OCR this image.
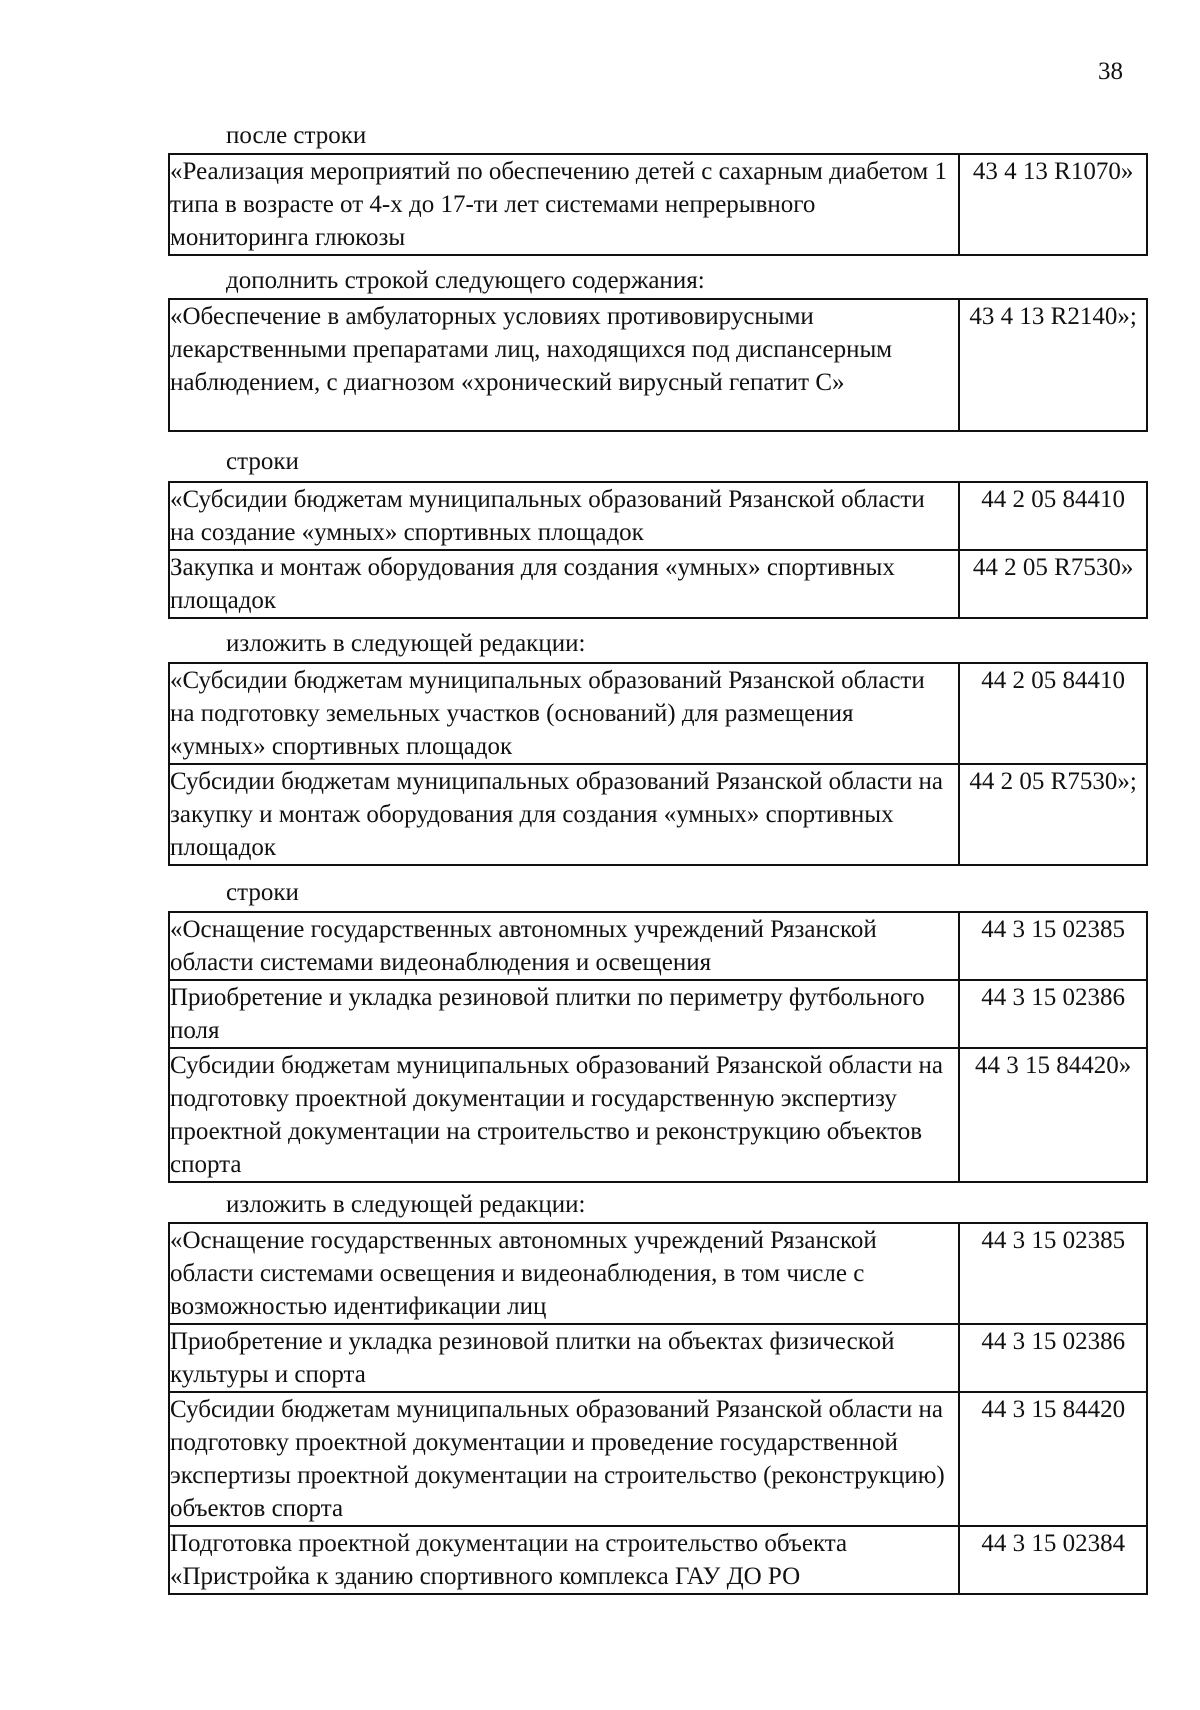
38
после строки
«Реализация мероприятий по обеспечению детей с сахарным диабетом 1 типа в возрасте от 4-х до 17-ти лет системами непрерывного мониторинга глюкозы	43 4 13 R1070»
дополнить строкой следующего содержания:
«Обеспечение в амбулаторных условиях противовирусными лекарственными препаратами лиц, находящихся под диспансерным наблюдением, с диагнозом «хронический вирусный гепатит С»	43 4 13 R2140»;
строки
«Субсидии бюджетам муниципальных образований Рязанской области на создание «умных» спортивных площадок	44 2 05 84410
Закупка и монтаж оборудования для создания «умных» спортивных площадок	44 2 05 R7530»
изложить в следующей редакции:
«Субсидии бюджетам муниципальных образований Рязанской области на подготовку земельных участков (оснований) для размещения «умных» спортивных площадок	44 2 05 84410
Субсидии бюджетам муниципальных образований Рязанской области на закупку и монтаж оборудования для создания «умных» спортивных площадок	44 2 05 R7530»;
строки
«Оснащение государственных автономных учреждений Рязанской области системами видеонаблюдения и освещения	44 3 15 02385
Приобретение и укладка резиновой плитки по периметру футбольного поля	44 3 15 02386
Субсидии бюджетам муниципальных образований Рязанской области на подготовку проектной документации и государственную экспертизу проектной документации на строительство и реконструкцию объектов спорта	44 3 15 84420»
изложить в следующей редакции:
«Оснащение государственных автономных учреждений Рязанской области системами освещения и видеонаблюдения, в том числе с возможностью идентификации лиц	44 3 15 02385
Приобретение и укладка резиновой плитки на объектах физической культуры и спорта	44 3 15 02386
Субсидии бюджетам муниципальных образований Рязанской области на подготовку проектной документации и проведение государственной экспертизы проектной документации на строительство (реконструкцию) объектов спорта	44 3 15 84420
Подготовка проектной документации на строительство объекта «Пристройка к зданию спортивного комплекса ГАУ ДО РО	44 3 15 02384
